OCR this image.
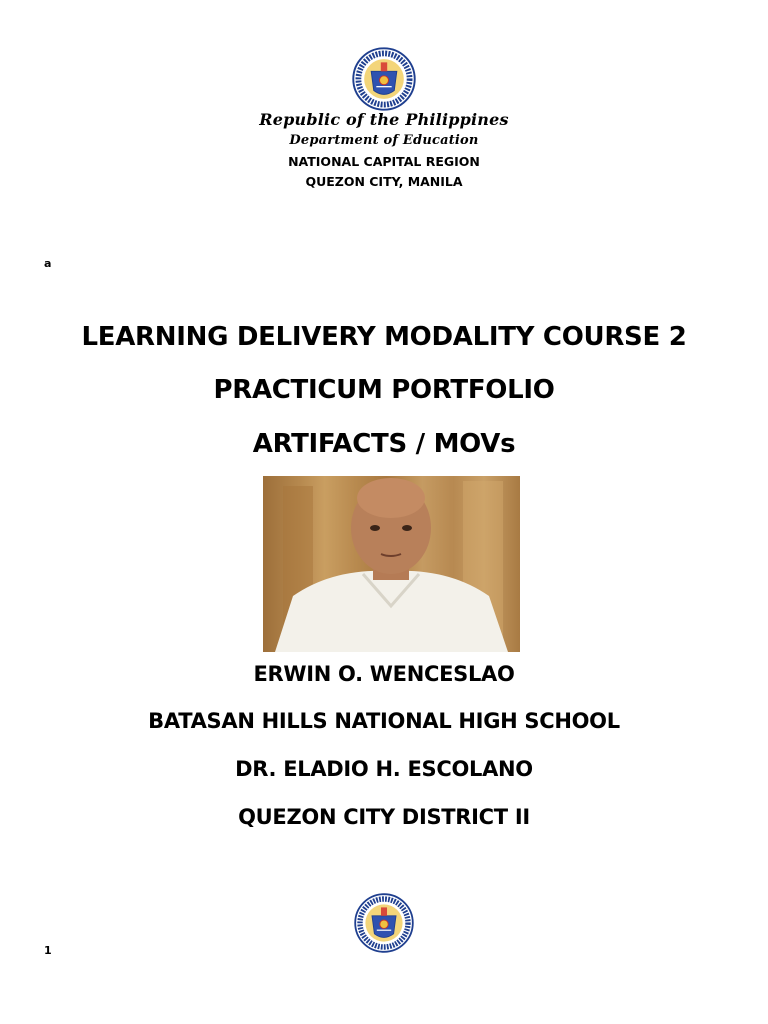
Republic of the Philippines
Department of Education
NATIONAL CAPITAL REGION
QUEZON CITY, MANILA
a
LEARNING DELIVERY MODALITY COURSE 2
PRACTICUM PORTFOLIO
ARTIFACTS / MOVs
ERWIN O. WENCESLAO
BATASAN HILLS NATIONAL HIGH SCHOOL
DR. ELADIO H. ESCOLANO
QUEZON CITY DISTRICT II
1
